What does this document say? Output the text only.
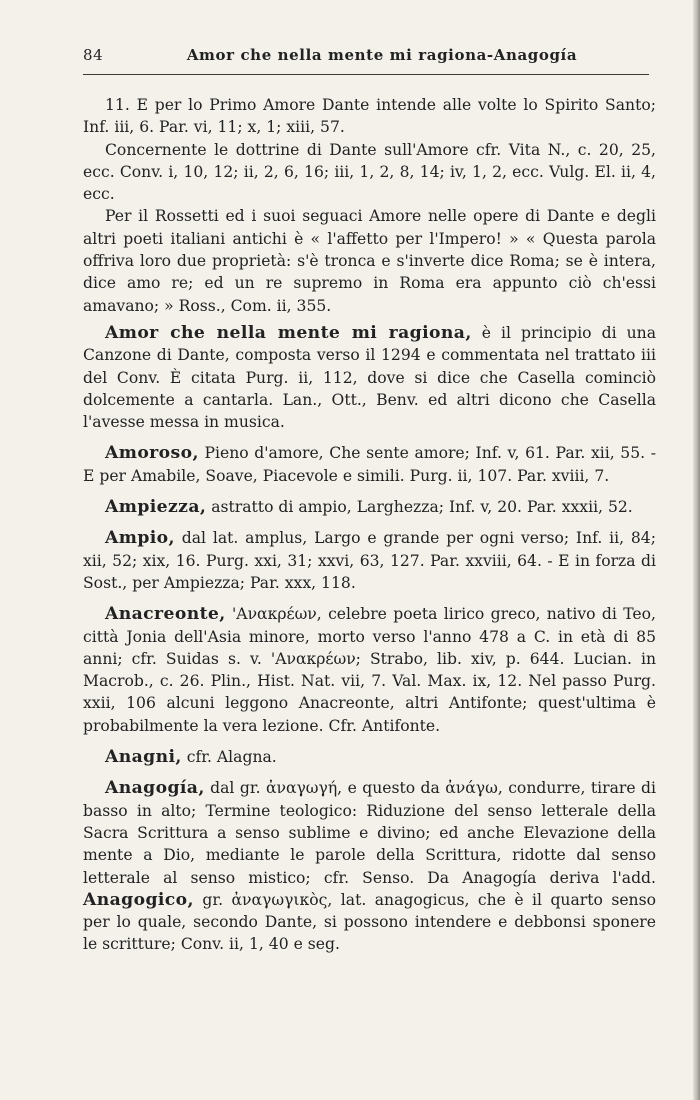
84	Amor che nella mente mi ragiona-Anagogía

11. E per lo Primo Amore Dante intende alle volte lo Spirito Santo; Inf. iii, 6. Par. vi, 11; x, 1; xiii, 57.

Concernente le dottrine di Dante sull'Amore cfr. Vita N., c. 20, 25, ecc. Conv. i, 10, 12; ii, 2, 6, 16; iii, 1, 2, 8, 14; iv, 1, 2, ecc. Vulg. El. ii, 4, ecc.

Per il Rossetti ed i suoi seguaci Amore nelle opere di Dante e degli altri poeti italiani antichi è « l'affetto per l'Impero! » « Questa parola offriva loro due proprietà: s'è tronca e s'inverte dice Roma; se è intera, dice amo re; ed un re supremo in Roma era appunto ciò ch'essi amavano; » Ross., Com. ii, 355.

Amor che nella mente mi ragiona, è il principio di una Canzone di Dante, composta verso il 1294 e commentata nel trattato iii del Conv. È citata Purg. ii, 112, dove si dice che Casella cominciò dolcemente a cantarla. Lan., Ott., Benv. ed altri dicono che Casella l'avesse messa in musica.

Amoroso, Pieno d'amore, Che sente amore; Inf. v, 61. Par. xii, 55. - E per Amabile, Soave, Piacevole e simili. Purg. ii, 107. Par. xviii, 7.

Ampiezza, astratto di ampio, Larghezza; Inf. v, 20. Par. xxxii, 52.

Ampio, dal lat. amplus, Largo e grande per ogni verso; Inf. ii, 84; xii, 52; xix, 16. Purg. xxi, 31; xxvi, 63, 127. Par. xxviii, 64. - E in forza di Sost., per Ampiezza; Par. xxx, 118.

Anacreonte, 'Ανακρέων, celebre poeta lirico greco, nativo di Teo, città Jonia dell'Asia minore, morto verso l'anno 478 a C. in età di 85 anni; cfr. Suidas s. v. 'Ανακρέων; Strabo, lib. xiv, p. 644. Lucian. in Macrob., c. 26. Plin., Hist. Nat. vii, 7. Val. Max. ix, 12. Nel passo Purg. xxii, 106 alcuni leggono Anacreonte, altri Antifonte; quest'ultima è probabilmente la vera lezione. Cfr. Antifonte.

Anagni, cfr. Alagna.

Anagogía, dal gr. ἀναγωγή, e questo da ἀνάγω, condurre, tirare di basso in alto; Termine teologico: Riduzione del senso letterale della Sacra Scrittura a senso sublime e divino; ed anche Elevazione della mente a Dio, mediante le parole della Scrittura, ridotte dal senso letterale al senso mistico; cfr. Senso. Da Anagogía deriva l'add. Anagogico, gr. ἀναγωγικὸς, lat. anagogicus, che è il quarto senso per lo quale, secondo Dante, si possono intendere e debbonsi sponere le scritture; Conv. ii, 1, 40 e seg.
